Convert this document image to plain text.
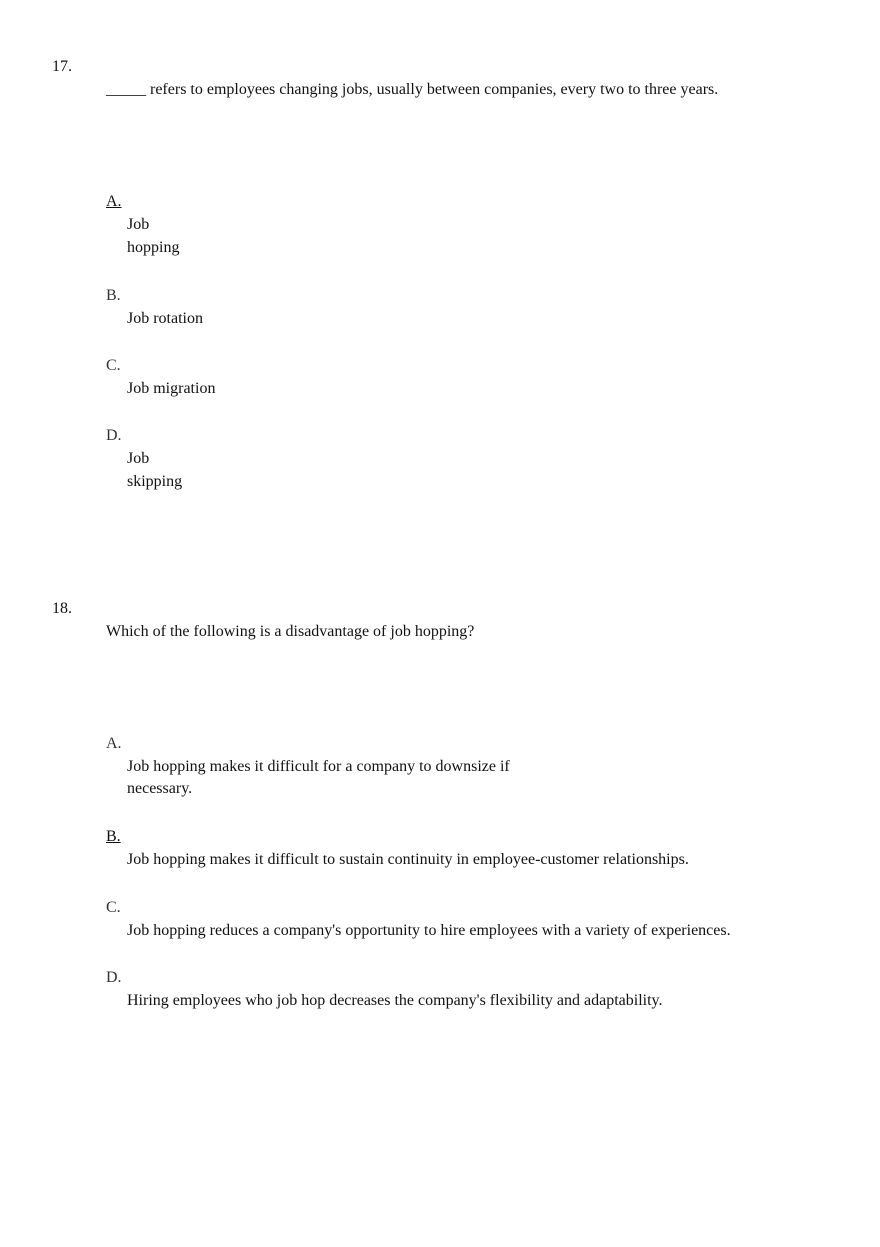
17.
_____ refers to employees changing jobs, usually between companies, every two to three years.
A.
Job
hopping
B.
Job rotation
C.
Job migration
D.
Job
skipping
18.
Which of the following is a disadvantage of job hopping?
A.
Job hopping makes it difficult for a company to downsize if
necessary.
B.
Job hopping makes it difficult to sustain continuity in employee-customer relationships.
C.
Job hopping reduces a company's opportunity to hire employees with a variety of experiences.
D.
Hiring employees who job hop decreases the company's flexibility and adaptability.
